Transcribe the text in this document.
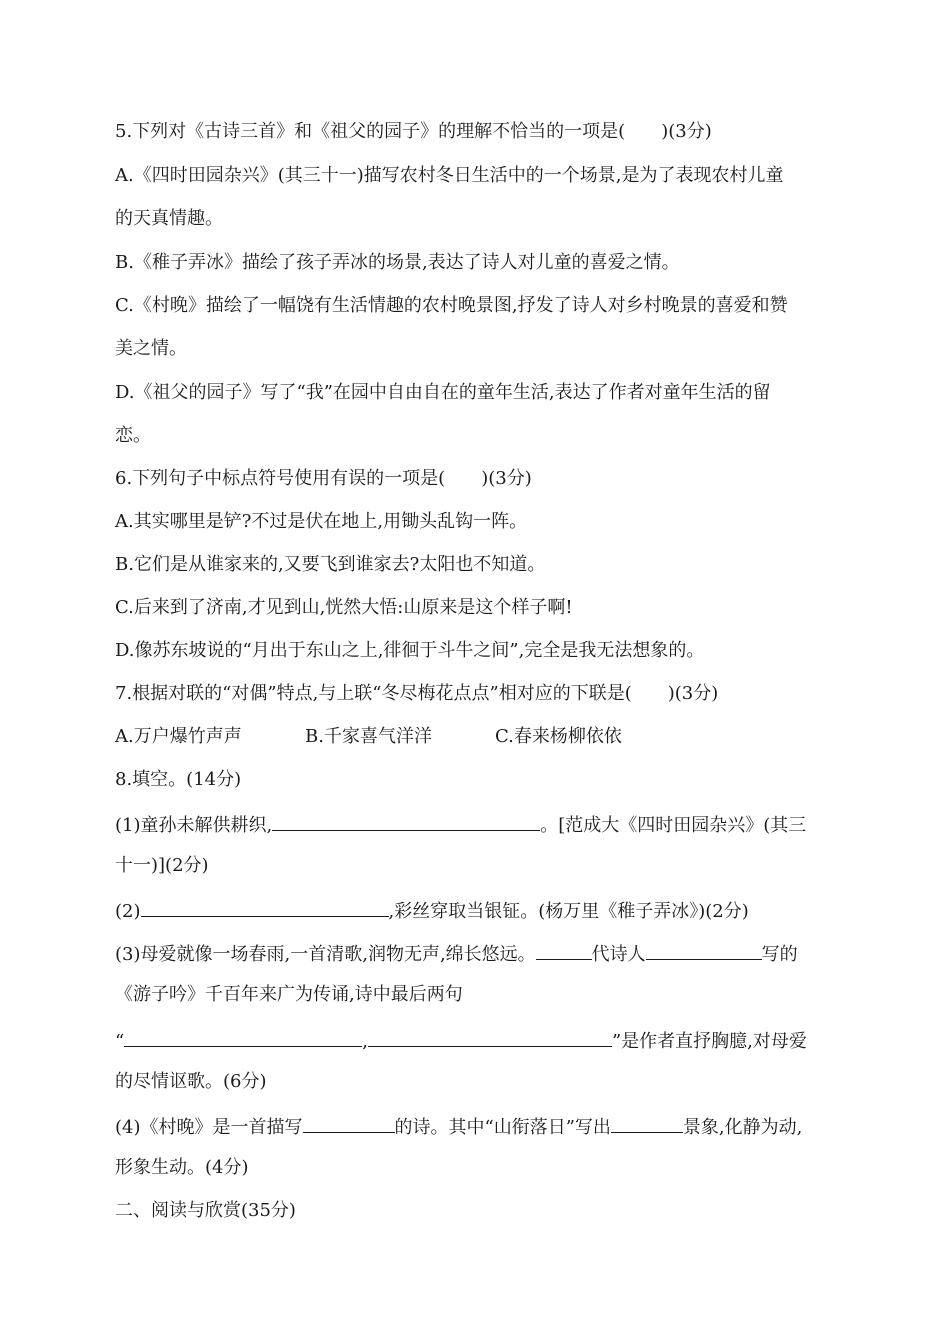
5.下列对《古诗三首》和《祖父的园子》的理解不恰当的一项是(　　)(3分)
A.《四时田园杂兴》(其三十一)描写农村冬日生活中的一个场景,是为了表现农村儿童
的天真情趣。
B.《稚子弄冰》描绘了孩子弄冰的场景,表达了诗人对儿童的喜爱之情。
C.《村晚》描绘了一幅饶有生活情趣的农村晚景图,抒发了诗人对乡村晚景的喜爱和赞
美之情。
D.《祖父的园子》写了“我”在园中自由自在的童年生活,表达了作者对童年生活的留
恋。
6.下列句子中标点符号使用有误的一项是(　　)(3分)
A.其实哪里是铲?不过是伏在地上,用锄头乱钩一阵。
B.它们是从谁家来的,又要飞到谁家去?太阳也不知道。
C.后来到了济南,才见到山,恍然大悟:山原来是这个样子啊!
D.像苏东坡说的“月出于东山之上,徘徊于斗牛之间”,完全是我无法想象的。
7.根据对联的“对偶”特点,与上联“冬尽梅花点点”相对应的下联是(　　)(3分)
A.万户爆竹声声	B.千家喜气洋洋	C.春来杨柳依依
8.填空。(14分)
(1)童孙未解供耕织,	。[范成大《四时田园杂兴》(其三
十一)](2分)
(2)	,彩丝穿取当银钲。(杨万里《稚子弄冰》)(2分)
(3)母爱就像一场春雨,一首清歌,润物无声,绵长悠远。	代诗人	写的
《游子吟》千百年来广为传诵,诗中最后两句
“	,	”是作者直抒胸臆,对母爱
的尽情讴歌。(6分)
(4)《村晚》是一首描写	的诗。其中“山衔落日”写出	景象,化静为动,
形象生动。(4分)
二、阅读与欣赏(35分)
